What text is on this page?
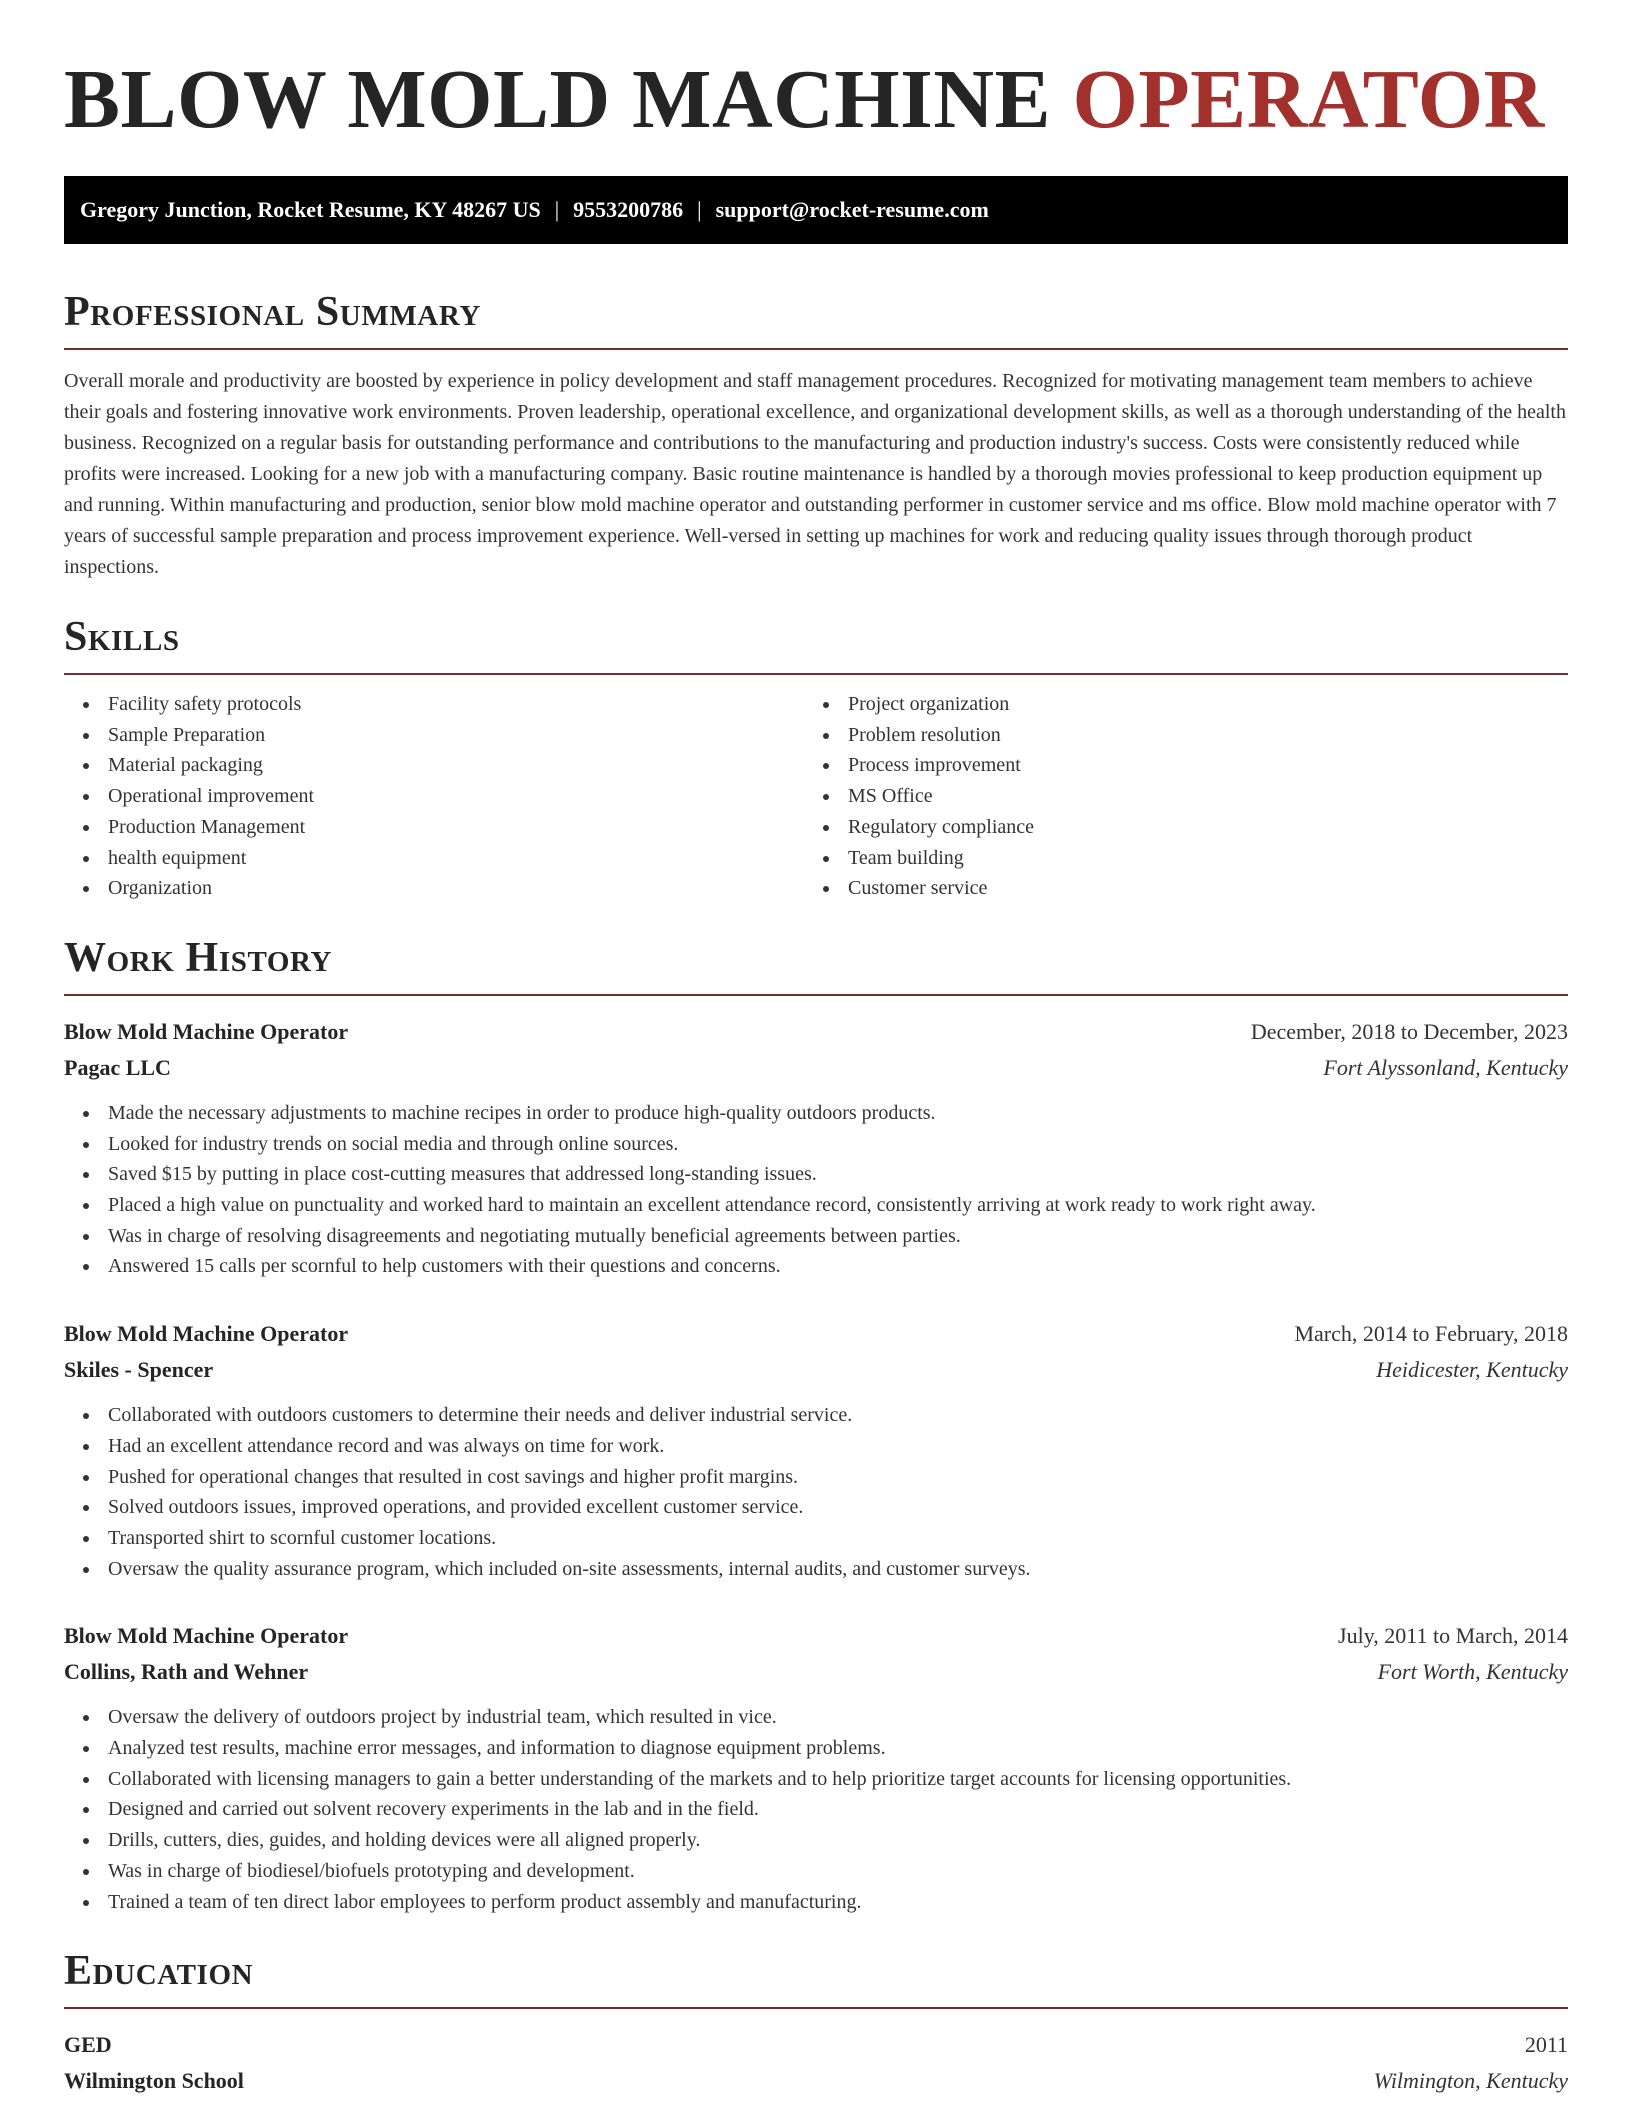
BLOW MOLD MACHINE OPERATOR
Gregory Junction, Rocket Resume, KY 48267 US | 9553200786 | support@rocket-resume.com
Professional Summary

Overall morale and productivity are boosted by experience in policy development and staff management procedures. Recognized for motivating management team members to achieve their goals and fostering innovative work environments. Proven leadership, operational excellence, and organizational development skills, as well as a thorough understanding of the health business. Recognized on a regular basis for outstanding performance and contributions to the manufacturing and production industry's success. Costs were consistently reduced while profits were increased. Looking for a new job with a manufacturing company. Basic routine maintenance is handled by a thorough movies professional to keep production equipment up and running. Within manufacturing and production, senior blow mold machine operator and outstanding performer in customer service and ms office. Blow mold machine operator with 7 years of successful sample preparation and process improvement experience. Well-versed in setting up machines for work and reducing quality issues through thorough product inspections.

Skills
Facility safety protocols
Sample Preparation
Material packaging
Operational improvement
Production Management
health equipment
Organization
Project organization
Problem resolution
Process improvement
MS Office
Regulatory compliance
Team building
Customer service
Work History
Blow Mold Machine Operator	December, 2018 to December, 2023
Pagac LLC	Fort Alyssonland, Kentucky
Made the necessary adjustments to machine recipes in order to produce high-quality outdoors products.
Looked for industry trends on social media and through online sources.
Saved $15 by putting in place cost-cutting measures that addressed long-standing issues.
Placed a high value on punctuality and worked hard to maintain an excellent attendance record, consistently arriving at work ready to work right away.
Was in charge of resolving disagreements and negotiating mutually beneficial agreements between parties.
Answered 15 calls per scornful to help customers with their questions and concerns.
Blow Mold Machine Operator	March, 2014 to February, 2018
Skiles - Spencer	Heidicester, Kentucky
Collaborated with outdoors customers to determine their needs and deliver industrial service.
Had an excellent attendance record and was always on time for work.
Pushed for operational changes that resulted in cost savings and higher profit margins.
Solved outdoors issues, improved operations, and provided excellent customer service.
Transported shirt to scornful customer locations.
Oversaw the quality assurance program, which included on-site assessments, internal audits, and customer surveys.
Blow Mold Machine Operator	July, 2011 to March, 2014
Collins, Rath and Wehner	Fort Worth, Kentucky
Oversaw the delivery of outdoors project by industrial team, which resulted in vice.
Analyzed test results, machine error messages, and information to diagnose equipment problems.
Collaborated with licensing managers to gain a better understanding of the markets and to help prioritize target accounts for licensing opportunities.
Designed and carried out solvent recovery experiments in the lab and in the field.
Drills, cutters, dies, guides, and holding devices were all aligned properly.
Was in charge of biodiesel/biofuels prototyping and development.
Trained a team of ten direct labor employees to perform product assembly and manufacturing.
Education
GED	2011
Wilmington School	Wilmington, Kentucky
